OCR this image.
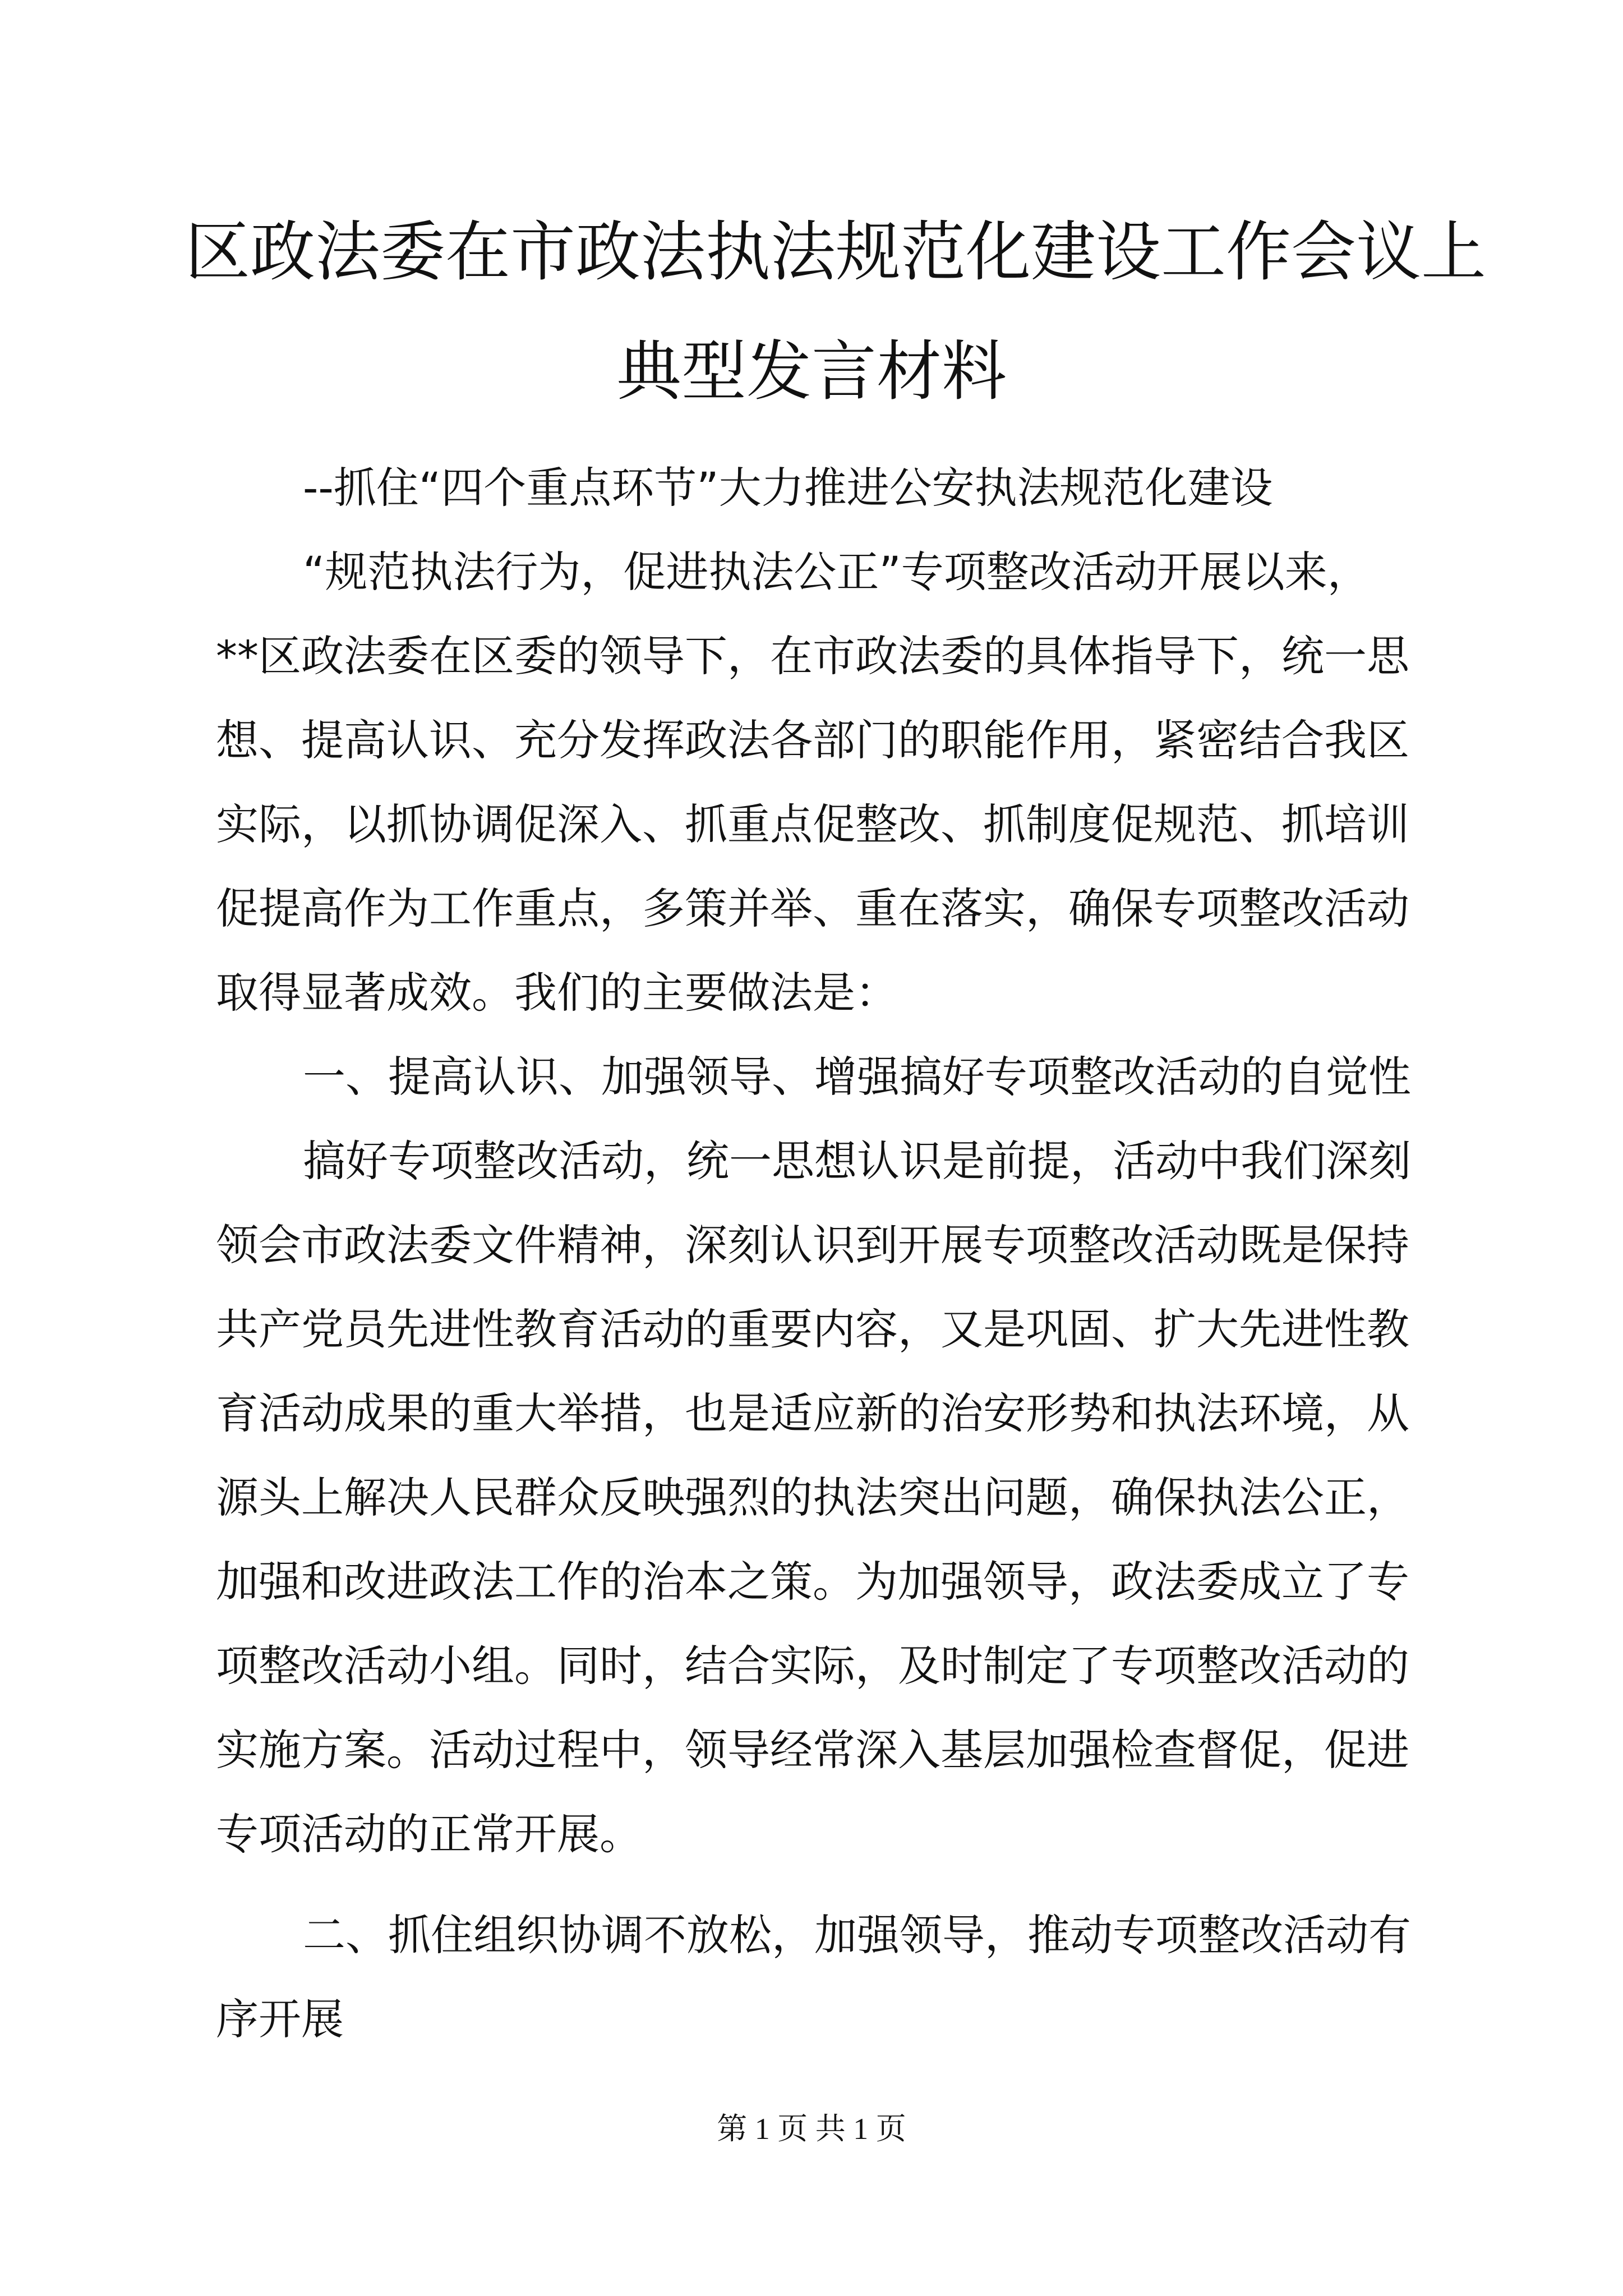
区政法委在市政法执法规范化建设工作会议上
典型发言材料
--抓住“四个重点环节”大力推进公安执法规范化建设
“规范执法行为，促进执法公正”专项整改活动开展以来，
**区政法委在区委的领导下，在市政法委的具体指导下，统一思
想、提高认识、充分发挥政法各部门的职能作用，紧密结合我区
实际，以抓协调促深入、抓重点促整改、抓制度促规范、抓培训
促提高作为工作重点，多策并举、重在落实，确保专项整改活动
取得显著成效。我们的主要做法是：
一、提高认识、加强领导、增强搞好专项整改活动的自觉性
搞好专项整改活动，统一思想认识是前提，活动中我们深刻
领会市政法委文件精神，深刻认识到开展专项整改活动既是保持
共产党员先进性教育活动的重要内容，又是巩固、扩大先进性教
育活动成果的重大举措，也是适应新的治安形势和执法环境，从
源头上解决人民群众反映强烈的执法突出问题，确保执法公正，
加强和改进政法工作的治本之策。为加强领导，政法委成立了专
项整改活动小组。同时，结合实际，及时制定了专项整改活动的
实施方案。活动过程中，领导经常深入基层加强检查督促，促进
专项活动的正常开展。
二、抓住组织协调不放松，加强领导，推动专项整改活动有
序开展
第 1 页 共 1 页
